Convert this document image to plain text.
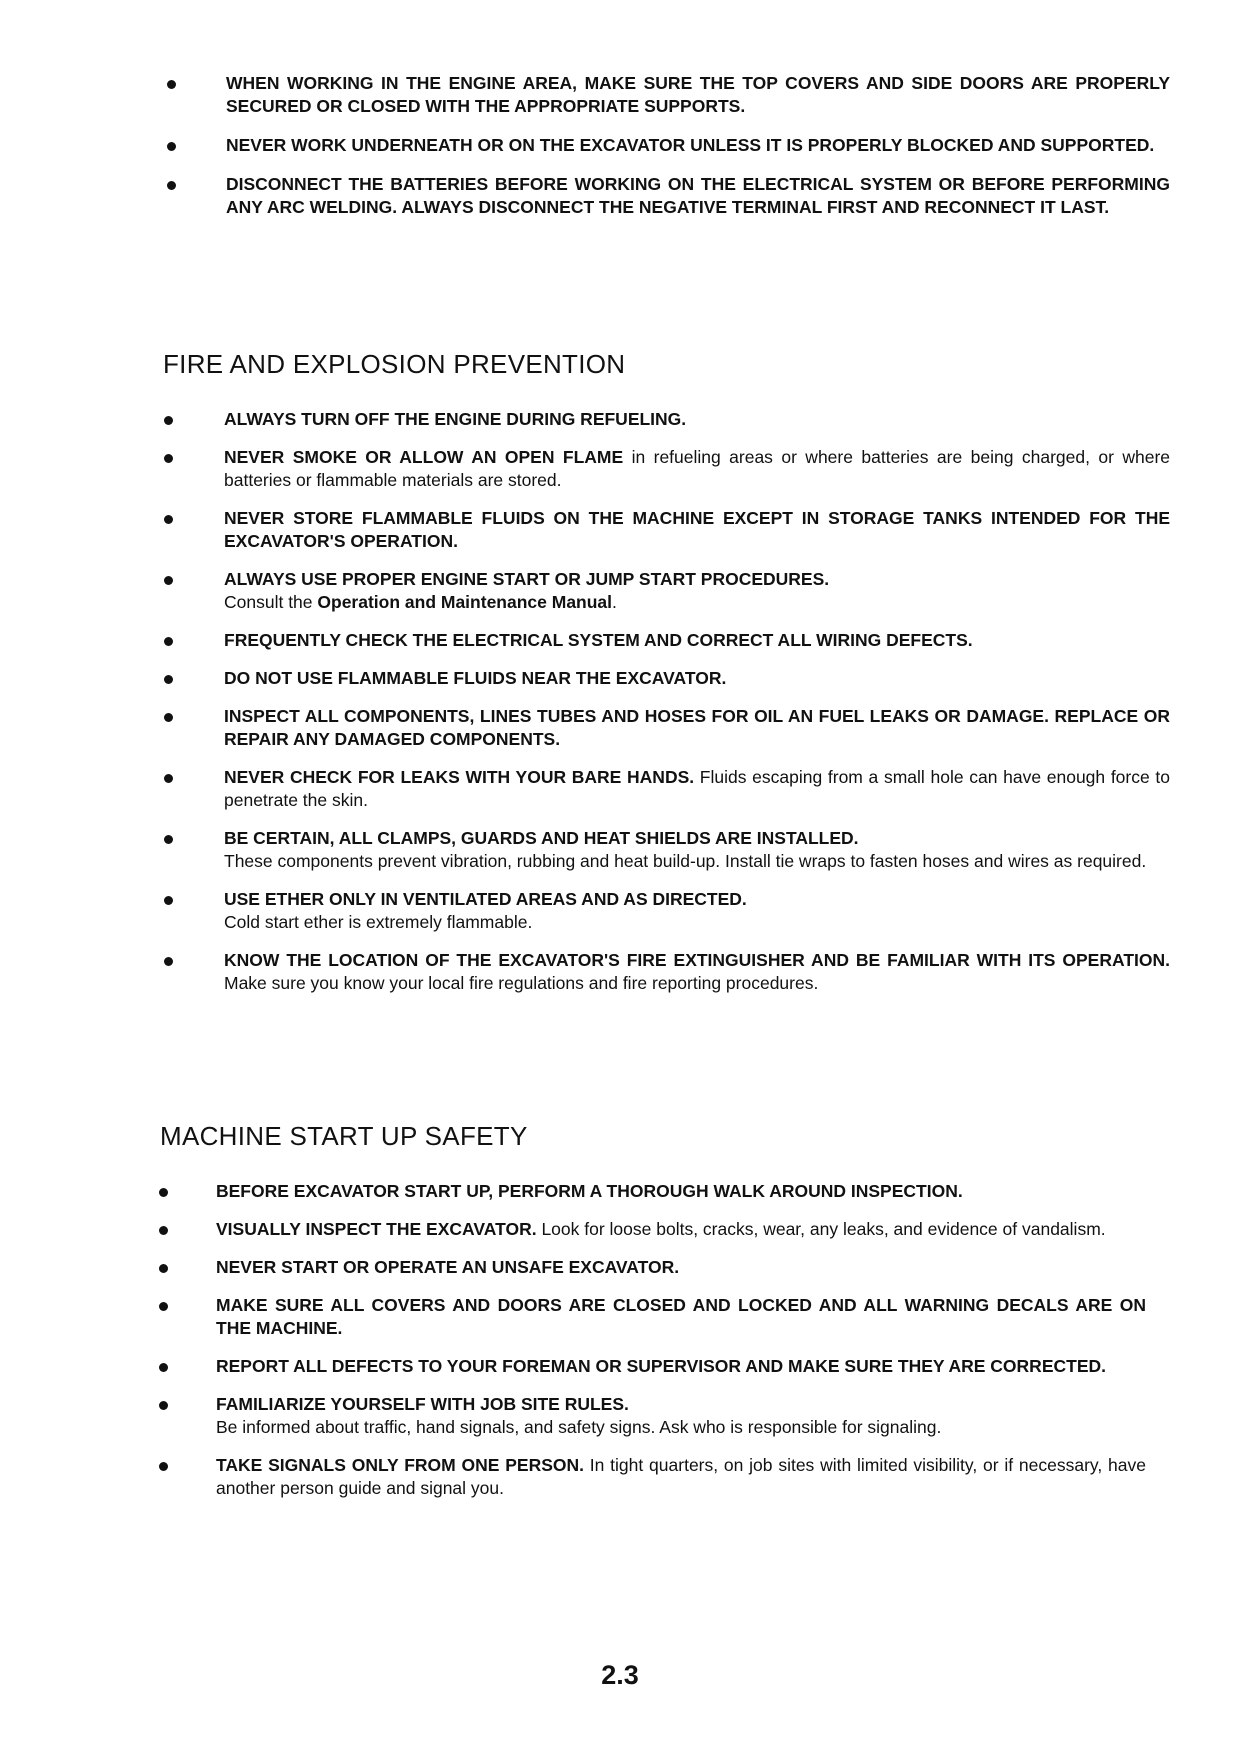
WHEN WORKING IN THE ENGINE AREA, MAKE SURE THE TOP COVERS AND SIDE DOORS ARE PROPERLY SECURED OR CLOSED WITH THE APPROPRIATE SUPPORTS.
NEVER WORK UNDERNEATH OR ON THE EXCAVATOR UNLESS IT IS PROPERLY BLOCKED AND SUPPORTED.
DISCONNECT THE BATTERIES BEFORE WORKING ON THE ELECTRICAL SYSTEM OR BEFORE PERFORMING ANY ARC WELDING. ALWAYS DISCONNECT THE NEGATIVE TERMINAL FIRST AND RECONNECT IT LAST.
FIRE AND EXPLOSION PREVENTION
ALWAYS TURN OFF THE ENGINE DURING REFUELING.
NEVER SMOKE OR ALLOW AN OPEN FLAME in refueling areas or where batteries are being charged, or where batteries or flammable materials are stored.
NEVER STORE FLAMMABLE FLUIDS ON THE MACHINE EXCEPT IN STORAGE TANKS INTENDED FOR THE EXCAVATOR'S OPERATION.
ALWAYS USE PROPER ENGINE START OR JUMP START PROCEDURES.
Consult the Operation and Maintenance Manual.
FREQUENTLY CHECK THE ELECTRICAL SYSTEM AND CORRECT ALL WIRING DEFECTS.
DO NOT USE FLAMMABLE FLUIDS NEAR THE EXCAVATOR.
INSPECT ALL COMPONENTS, LINES TUBES AND HOSES FOR OIL AN FUEL LEAKS OR DAMAGE. REPLACE OR REPAIR ANY DAMAGED COMPONENTS.
NEVER CHECK FOR LEAKS WITH YOUR BARE HANDS. Fluids escaping from a small hole can have enough force to penetrate the skin.
BE CERTAIN, ALL CLAMPS, GUARDS AND HEAT SHIELDS ARE INSTALLED.
These components prevent vibration, rubbing and heat build-up. Install tie wraps to fasten hoses and wires as required.
USE ETHER ONLY IN VENTILATED AREAS AND AS DIRECTED.
Cold start ether is extremely flammable.
KNOW THE LOCATION OF THE EXCAVATOR'S FIRE EXTINGUISHER AND BE FAMILIAR WITH ITS OPERATION. Make sure you know your local fire regulations and fire reporting procedures.
MACHINE START UP SAFETY
BEFORE EXCAVATOR START UP, PERFORM A THOROUGH WALK AROUND INSPECTION.
VISUALLY INSPECT THE EXCAVATOR. Look for loose bolts, cracks, wear, any leaks, and evidence of vandalism.
NEVER START OR OPERATE AN UNSAFE EXCAVATOR.
MAKE SURE ALL COVERS AND DOORS ARE CLOSED AND LOCKED AND ALL WARNING DECALS ARE ON THE MACHINE.
REPORT ALL DEFECTS TO YOUR FOREMAN OR SUPERVISOR AND MAKE SURE THEY ARE CORRECTED.
FAMILIARIZE YOURSELF WITH JOB SITE RULES.
Be informed about traffic, hand signals, and safety signs. Ask who is responsible for signaling.
TAKE SIGNALS ONLY FROM ONE PERSON. In tight quarters, on job sites with limited visibility, or if necessary, have another person guide and signal you.
2.3
